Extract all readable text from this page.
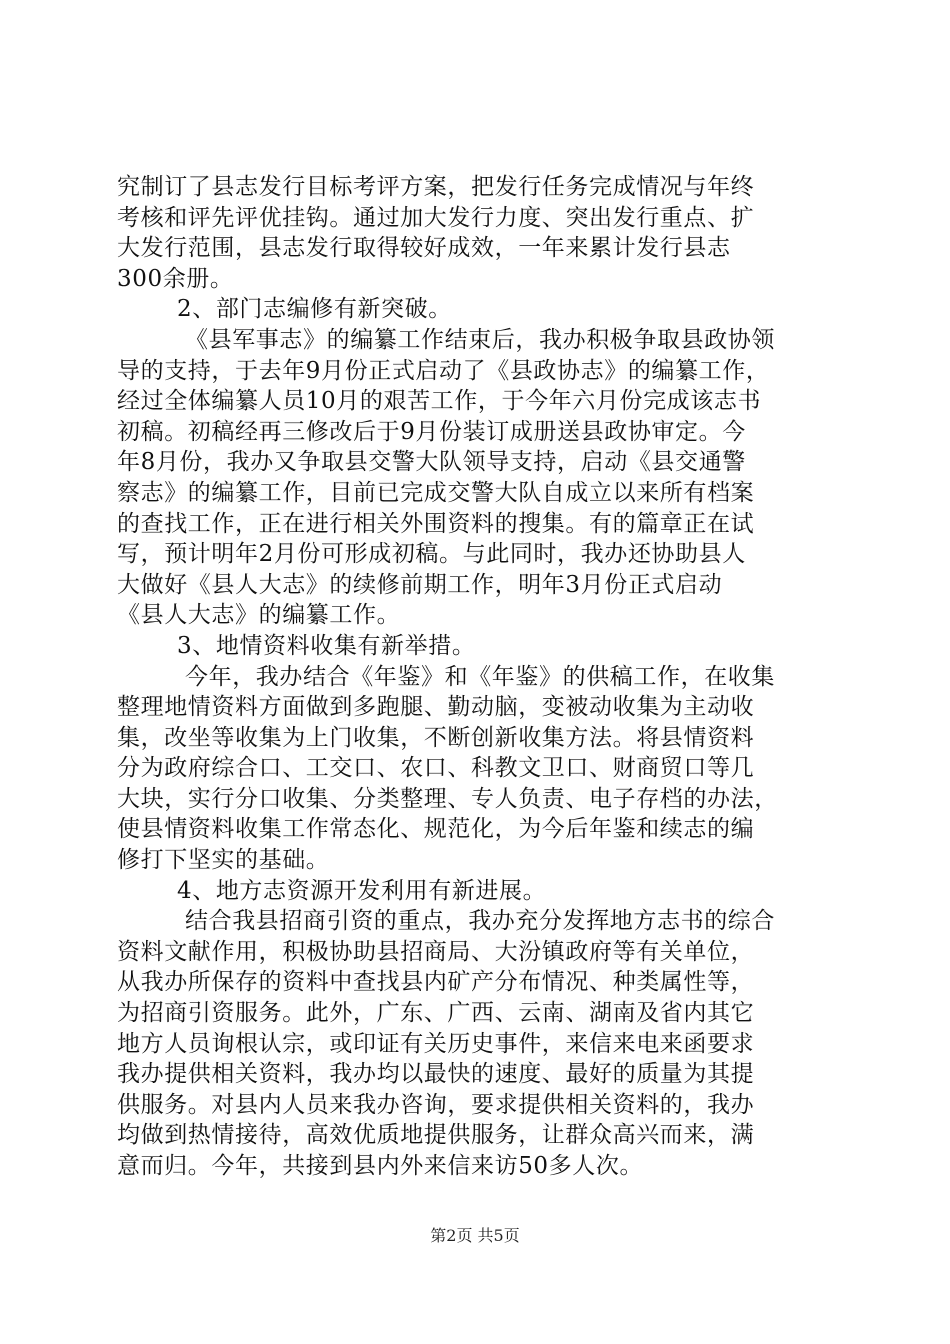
究制订了县志发行目标考评方案，把发行任务完成情况与年终
考核和评先评优挂钩。通过加大发行力度、突出发行重点、扩
大发行范围，县志发行取得较好成效，一年来累计发行县志
300余册。
2、部门志编修有新突破。
《县军事志》的编纂工作结束后，我办积极争取县政协领
导的支持，于去年9月份正式启动了《县政协志》的编纂工作，
经过全体编纂人员10月的艰苦工作，于今年六月份完成该志书
初稿。初稿经再三修改后于9月份装订成册送县政协审定。今
年8月份，我办又争取县交警大队领导支持，启动《县交通警
察志》的编纂工作，目前已完成交警大队自成立以来所有档案
的查找工作，正在进行相关外围资料的搜集。有的篇章正在试
写，预计明年2月份可形成初稿。与此同时，我办还协助县人
大做好《县人大志》的续修前期工作，明年3月份正式启动
《县人大志》的编纂工作。
3、地情资料收集有新举措。
今年，我办结合《年鉴》和《年鉴》的供稿工作，在收集
整理地情资料方面做到多跑腿、勤动脑，变被动收集为主动收
集，改坐等收集为上门收集，不断创新收集方法。将县情资料
分为政府综合口、工交口、农口、科教文卫口、财商贸口等几
大块，实行分口收集、分类整理、专人负责、电子存档的办法，
使县情资料收集工作常态化、规范化，为今后年鉴和续志的编
修打下坚实的基础。
4、地方志资源开发利用有新进展。
结合我县招商引资的重点，我办充分发挥地方志书的综合
资料文献作用，积极协助县招商局、大汾镇政府等有关单位，
从我办所保存的资料中查找县内矿产分布情况、种类属性等，
为招商引资服务。此外，广东、广西、云南、湖南及省内其它
地方人员询根认宗，或印证有关历史事件，来信来电来函要求
我办提供相关资料，我办均以最快的速度、最好的质量为其提
供服务。对县内人员来我办咨询，要求提供相关资料的，我办
均做到热情接待，高效优质地提供服务，让群众高兴而来，满
意而归。今年，共接到县内外来信来访50多人次。
第2页 共5页
